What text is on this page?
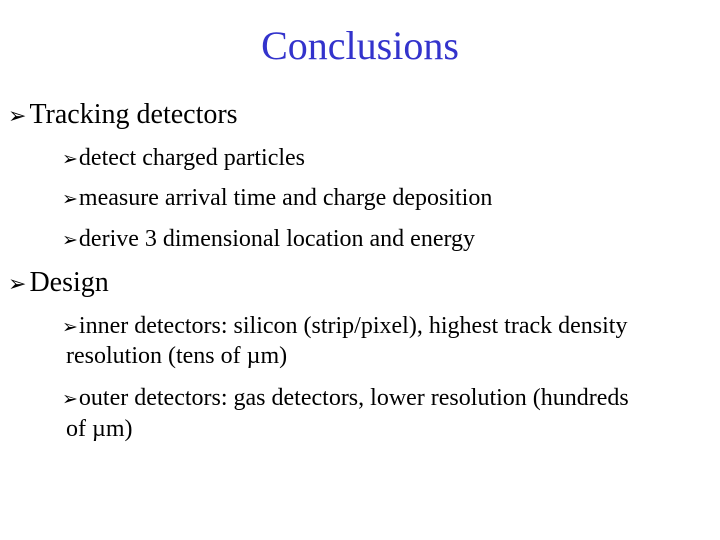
Conclusions
➢ Tracking detectors
➢detect charged particles
➢measure arrival time and charge deposition
➢derive 3 dimensional location and energy
➢ Design
➢inner detectors: silicon (strip/pixel), highest track density
resolution (tens of µm)
➢outer detectors: gas detectors, lower resolution (hundreds
of µm)
